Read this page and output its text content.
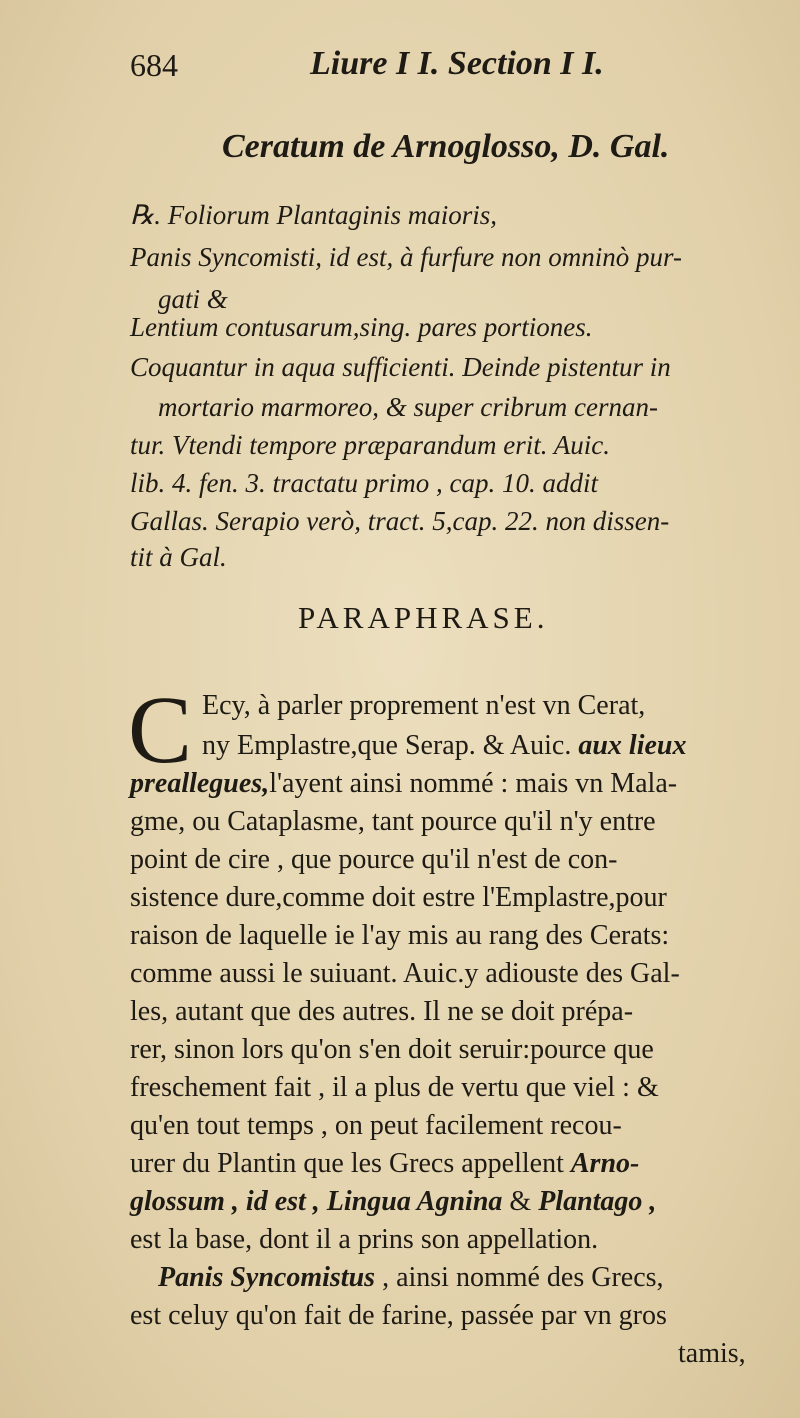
684	Liure I I. Section I I.
Ceratum de Arnoglosso, D. Gal.
℞. Foliorum Plantaginis maioris,
Panis Syncomisti, id est, à furfure non omninò pur-
gati &
Lentium contusarum,sing. pares portiones.
Coquantur in aqua sufficienti. Deinde pistentur in
mortario marmoreo, & super cribrum cernan-
tur. Vtendi tempore præparandum erit. Auic.
lib. 4. fen. 3. tractatu primo , cap. 10. addit
Gallas. Serapio verò, tract. 5,cap. 22. non dissen-
tit à Gal.
PARAPHRASE.
C Ecy, à parler proprement n'est vn Cerat,
ny Emplastre,que Serap. & Auic. aux lieux
preallegues,l'ayent ainsi nommé : mais vn Mala-
gme, ou Cataplasme, tant pource qu'il n'y entre
point de cire , que pource qu'il n'est de con-
sistence dure,comme doit estre l'Emplastre,pour
raison de laquelle ie l'ay mis au rang des Cerats:
comme aussi le suiuant. Auic.y adiouste des Gal-
les, autant que des autres. Il ne se doit prépa-
rer, sinon lors qu'on s'en doit seruir:pource que
freschement fait , il a plus de vertu que viel : &
qu'en tout temps , on peut facilement recou-
urer du Plantin que les Grecs appellent Arno-
glossum , id est , Lingua Agnina & Plantago ,
est la base, dont il a prins son appellation.
Panis Syncomistus , ainsi nommé des Grecs,
est celuy qu'on fait de farine, passée par vn gros
tamis,
